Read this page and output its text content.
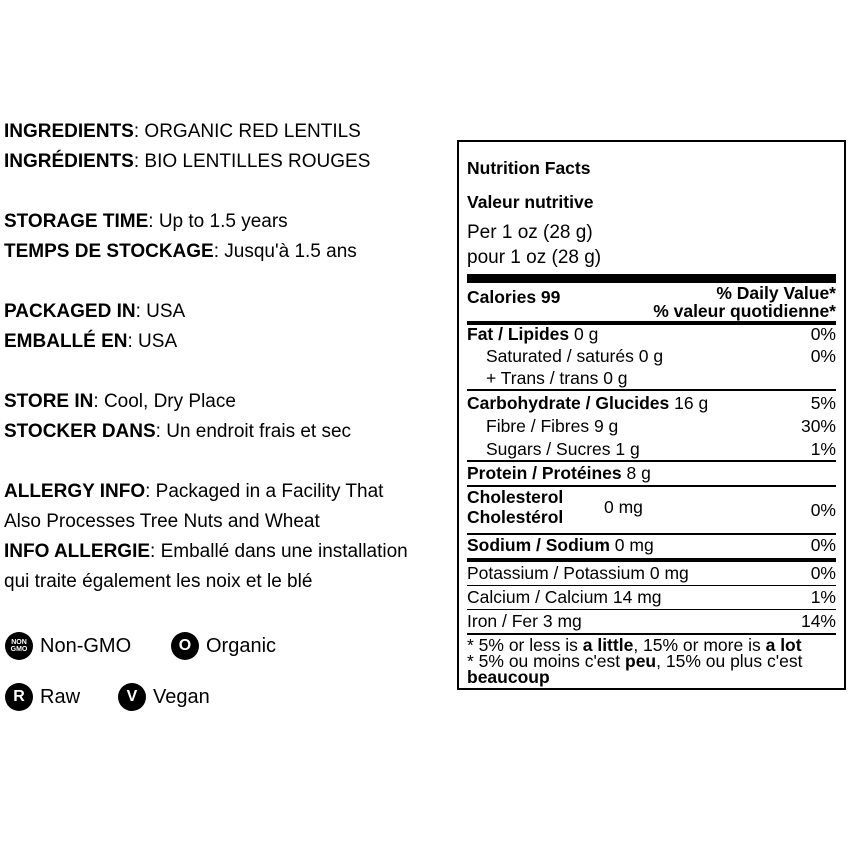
INGREDIENTS: ORGANIC RED LENTILS
INGRÉDIENTS: BIO LENTILLES ROUGES
STORAGE TIME: Up to 1.5 years
TEMPS DE STOCKAGE: Jusqu'à 1.5 ans
PACKAGED IN: USA
EMBALLÉ EN: USA
STORE IN: Cool, Dry Place
STOCKER DANS: Un endroit frais et sec
ALLERGY INFO: Packaged in a Facility That
Also Processes Tree Nuts and Wheat
INFO ALLERGIE: Emballé dans une installation
qui traite également les noix et le blé
NON
GMO Non-GMO	O Organic
R Raw	V Vegan
Nutrition Facts
Valeur nutritive
Per 1 oz (28 g)
pour 1 oz (28 g)
Calories 99	% Daily Value*
% valeur quotidienne*
Fat / Lipides 0 g	0%
Saturated / saturés 0 g	0%
+ Trans / trans 0 g
Carbohydrate / Glucides 16 g	5%
Fibre / Fibres 9 g	30%
Sugars / Sucres 1 g	1%
Protein / Protéines 8 g
Cholesterol
Cholestérol 0 mg	0%
Sodium / Sodium 0 mg	0%
Potassium / Potassium 0 mg	0%
Calcium / Calcium 14 mg	1%
Iron / Fer 3 mg	14%
* 5% or less is a little, 15% or more is a lot
* 5% ou moins c'est peu, 15% ou plus c'est
beaucoup
